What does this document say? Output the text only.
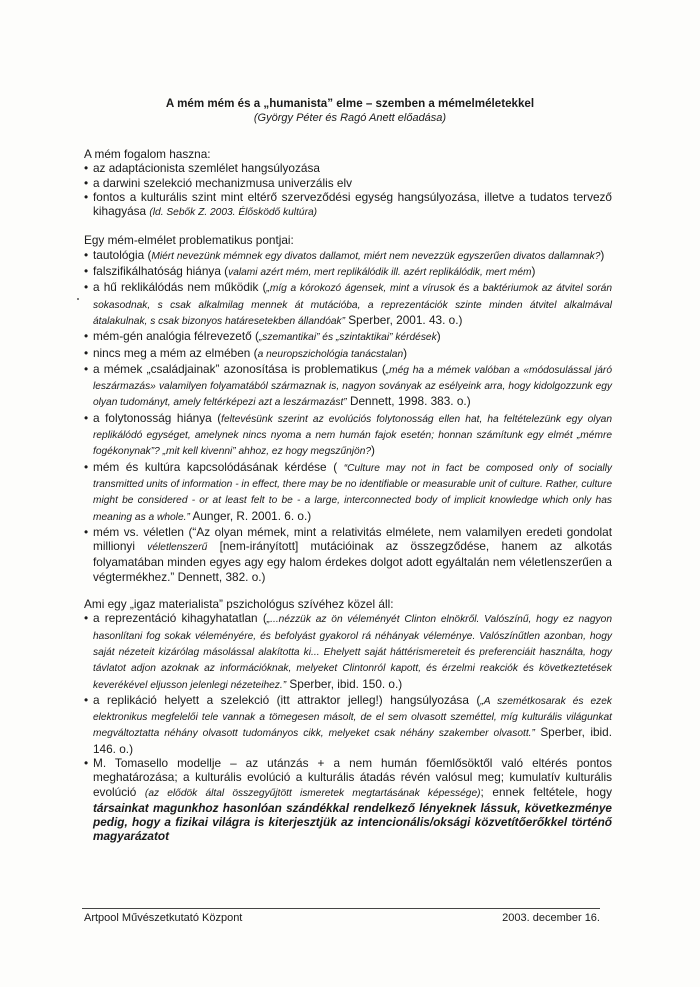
A mém mém és a „humanista” elme – szemben a mémelméletekkel
(György Péter és Ragó Anett előadása)
A mém fogalom haszna:
• az adaptácionista szemlélet hangsúlyozása
• a darwini szelekció mechanizmusa univerzális elv
• fontos a kulturális szint mint eltérő szerveződési egység hangsúlyozása, illetve a tudatos tervező kihagyása (ld. Sebők Z. 2003. Élősködő kultúra)
Egy mém-elmélet problematikus pontjai:
• tautológia (Miért nevezünk mémnek egy divatos dallamot, miért nem nevezzük egyszerűen divatos dallamnak?)
• falszifikálhatóság hiánya (valami azért mém, mert replikálódik ill. azért replikálódik, mert mém)
• a hű reklikálódás nem működik („míg a kórokozó ágensek, mint a vírusok és a baktériumok az átvitel során sokasodnak, s csak alkalmilag mennek át mutációba, a reprezentációk szinte minden átvitel alkalmával átalakulnak, s csak bizonyos határesetekben állandóak” Sperber, 2001. 43. o.)
• mém-gén analógia félrevezető („szemantikai” és „szintaktikai” kérdések)
• nincs meg a mém az elmében (a neuropszichológia tanácstalan)
• a mémek „családjainak” azonosítása is problematikus („még ha a mémek valóban a «módosulással járó leszármazás» valamilyen folyamatából származnak is, nagyon soványak az esélyeink arra, hogy kidolgozzunk egy olyan tudományt, amely feltérképezi azt a leszármazást” Dennett, 1998. 383. o.)
• a folytonosság hiánya (feltevésünk szerint az evolúciós folytonosság ellen hat, ha feltételezünk egy olyan replikálódó egységet, amelynek nincs nyoma a nem humán fajok esetén; honnan számítunk egy elmét „mémre fogékonynak”? „mit kell kivenni” ahhoz, ez hogy megszűnjön?)
• mém és kultúra kapcsolódásának kérdése ( “Culture may not in fact be composed only of socially transmitted units of information - in effect, there may be no identifiable or measurable unit of culture. Rather, culture might be considered - or at least felt to be - a large, interconnected body of implicit knowledge which only has meaning as a whole.” Aunger, R. 2001. 6. o.)
• mém vs. véletlen (“Az olyan mémek, mint a relativitás elmélete, nem valamilyen eredeti gondolat millionyi véletlenszerű [nem-irányított] mutációinak az összegződése, hanem az alkotás folyamatában minden egyes agy egy halom érdekes dolgot adott egyáltalán nem véletlenszerűen a végtermékhez.” Dennett, 382. o.)
Ami egy „igaz materialista” pszichológus szívéhez közel áll:
• a reprezentáció kihagyhatatlan („...nézzük az ön véleményét Clinton elnökről. Valószínű, hogy ez nagyon hasonlítani fog sokak véleményére, és befolyást gyakorol rá néhányak véleménye. Valószínűtlen azonban, hogy saját nézeteit kizárólag másolással alakította ki... Ehelyett saját háttérismereteit és preferenciáit használta, hogy távlatot adjon azoknak az információknak, melyeket Clintonról kapott, és érzelmi reakciók és következtetések keverékével eljusson jelenlegi nézeteihez.” Sperber, ibid. 150. o.)
• a replikáció helyett a szelekció (itt attraktor jelleg!) hangsúlyozása („A szemétkosarak és ezek elektronikus megfelelői tele vannak a tömegesen másolt, de el sem olvasott szeméttel, míg kulturális világunkat megváltoztatta néhány olvasott tudományos cikk, melyeket csak néhány szakember olvasott.” Sperber, ibid. 146. o.)
• M. Tomasello modellje – az utánzás + a nem humán főemlősöktől való eltérés pontos meghatározása; a kulturális evolúció a kulturális átadás révén valósul meg; kumulatív kulturális evolúció (az elődök által összegyűjtött ismeretek megtartásának képessége); ennek feltétele, hogy társainkat magunkhoz hasonlóan szándékkal rendelkező lényeknek lássuk, következménye pedig, hogy a fizikai világra is kiterjesztjük az intencionális/oksági közvetítőerőkkel történő magyarázatot
Artpool Művészetkutató Központ	2003. december 16.
